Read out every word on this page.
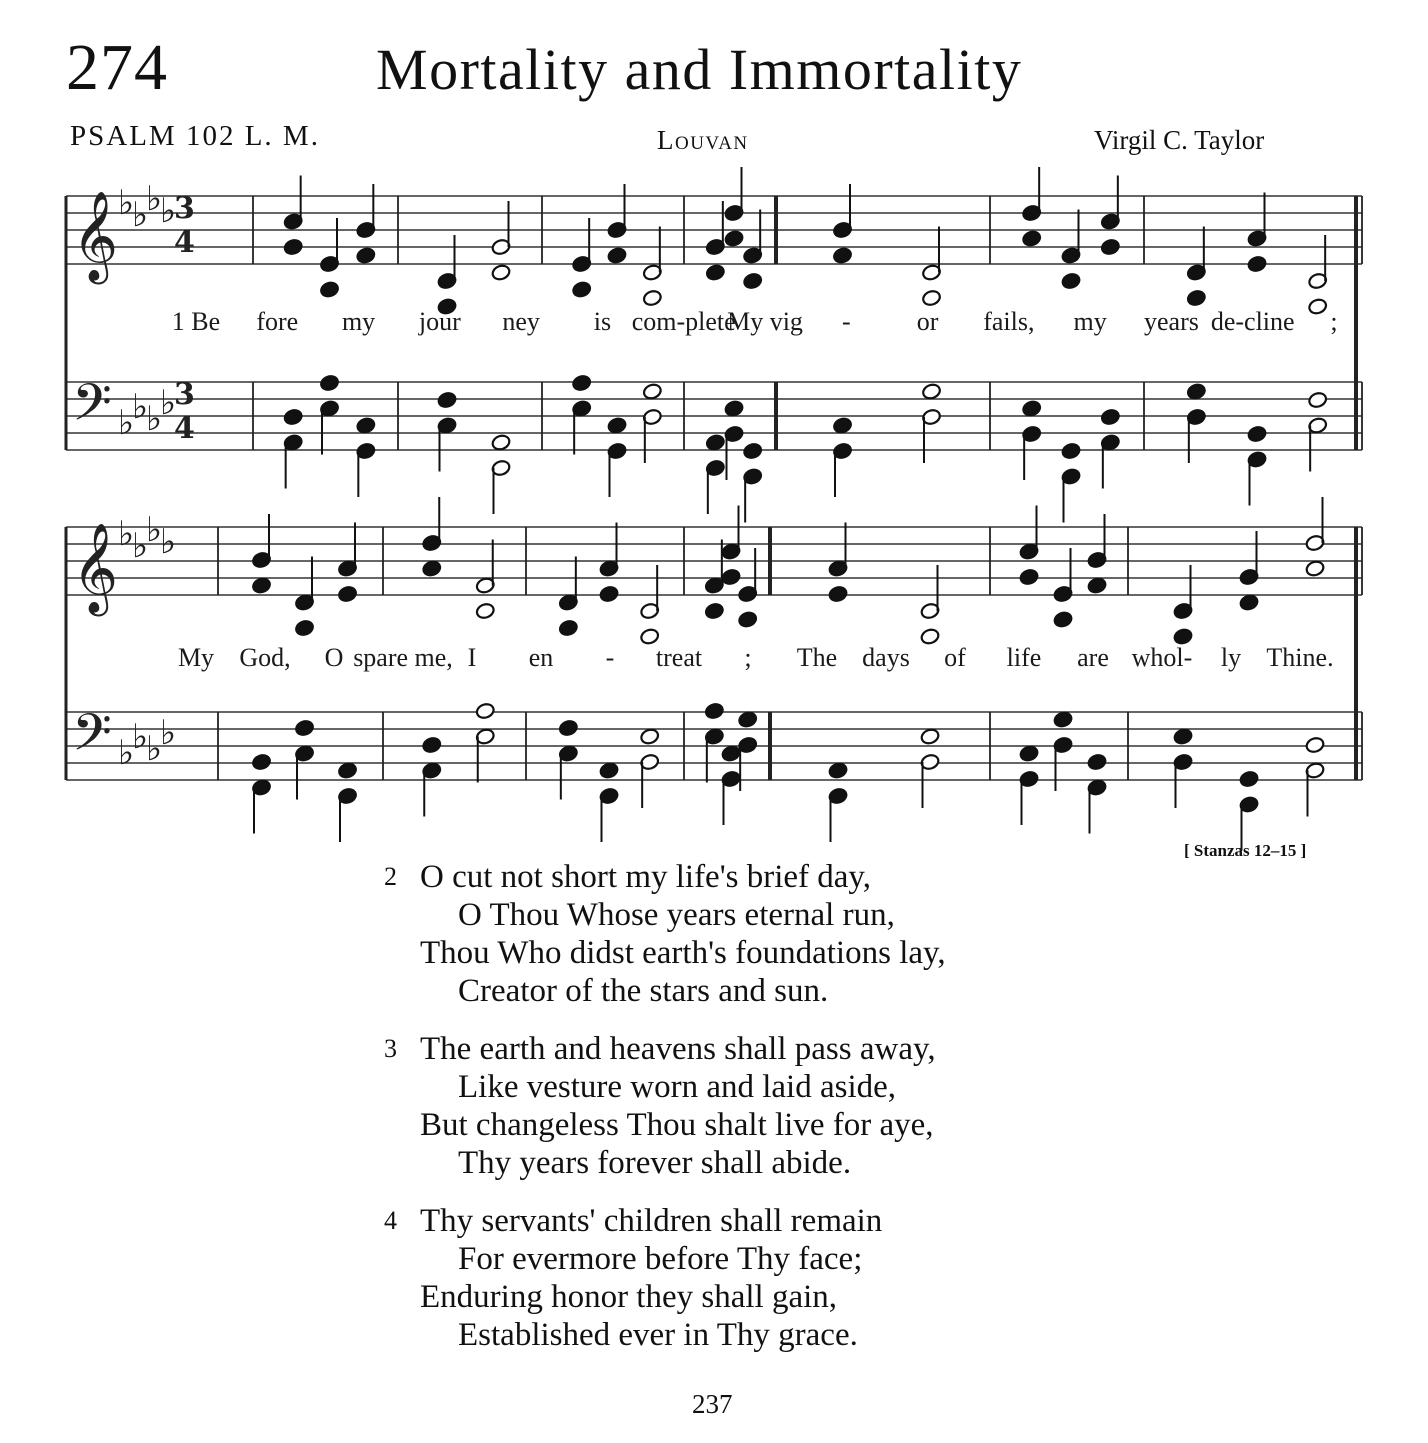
274	Mortality and Immortality
PSALM 102 L. M.	Louvan	Virgil C. Taylor
𝄞
𝄢
𝄞
𝄢
♭
♭
♭
♭
♭
♭
♭
♭
♭
♭
♭
♭
♭
♭
♭
♭
3
3
4
4
1 Be fore my jour ney is com-plete
My vig -	or fails, my years de-cline ;
My God, O spare me, I en - treat ; The days of life are whol- ly Thine.
[ Stanzas 12–15 ]
2 O cut not short my life's brief day,
O Thou Whose years eternal run,
Thou Who didst earth's foundations lay,
Creator of the stars and sun.
3 The earth and heavens shall pass away,
Like vesture worn and laid aside,
But changeless Thou shalt live for aye,
Thy years forever shall abide.
4 Thy servants' children shall remain
For evermore before Thy face;
Enduring honor they shall gain,
Established ever in Thy grace.
237
